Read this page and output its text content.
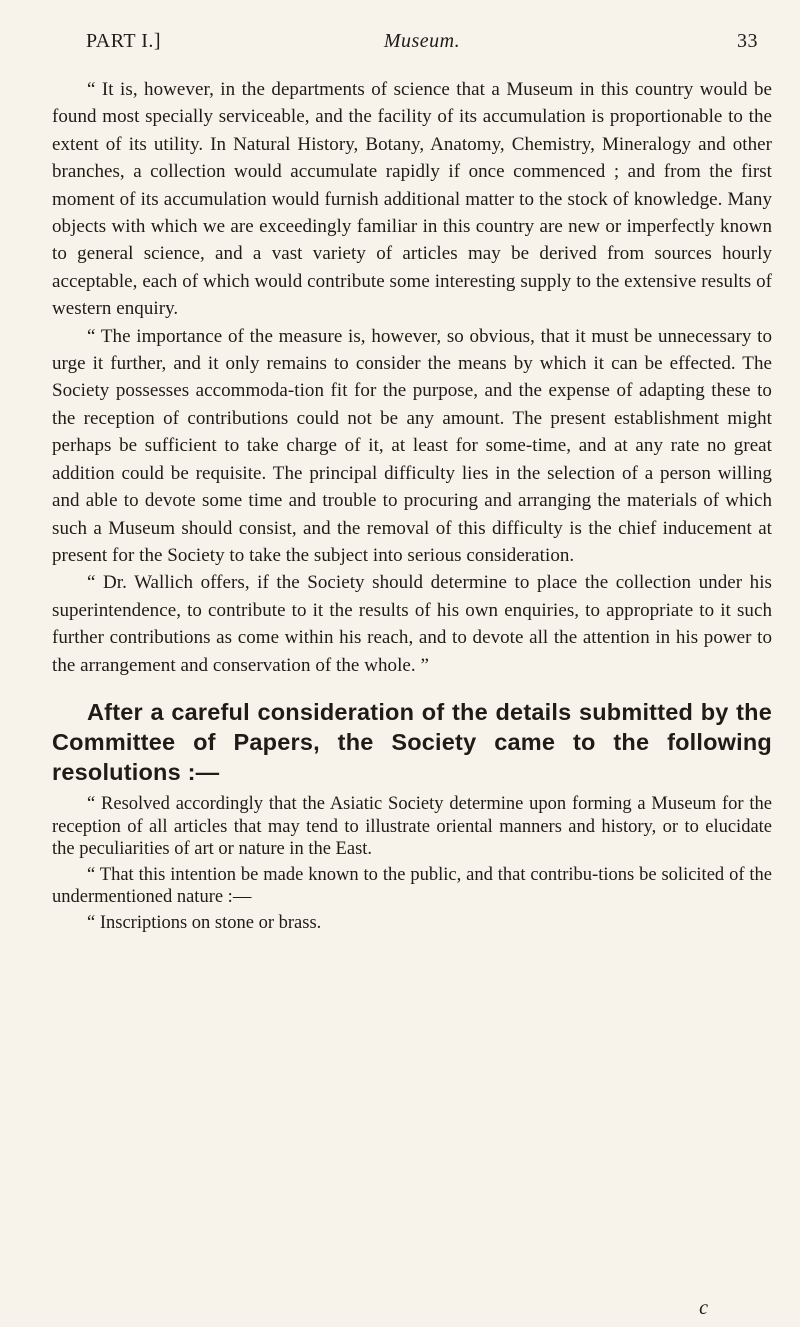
PART I.]	Museum.	33

“ It is, however, in the departments of science that a Museum in this country would be found most specially serviceable, and the facility of its accumulation is proportionable to the extent of its utility. In Natural History, Botany, Anatomy, Chemistry, Mineralogy and other branches, a collection would accumulate rapidly if once commenced ; and from the first moment of its accumulation would furnish additional matter to the stock of knowledge. Many objects with which we are exceedingly familiar in this country are new or imperfectly known to general science, and a vast variety of articles may be derived from sources hourly acceptable, each of which would contribute some interesting supply to the extensive results of western enquiry.

“ The importance of the measure is, however, so obvious, that it must be unnecessary to urge it further, and it only remains to consider the means by which it can be effected. The Society possesses accommoda-tion fit for the purpose, and the expense of adapting these to the reception of contributions could not be any amount. The present establishment might perhaps be sufficient to take charge of it, at least for some-time, and at any rate no great addition could be requisite. The principal difficulty lies in the selection of a person willing and able to devote some time and trouble to procuring and arranging the materials of which such a Museum should consist, and the removal of this difficulty is the chief inducement at present for the Society to take the subject into serious consideration.

“ Dr. Wallich offers, if the Society should determine to place the collection under his superintendence, to contribute to it the results of his own enquiries, to appropriate to it such further contributions as come within his reach, and to devote all the attention in his power to the arrangement and conservation of the whole. ”

After a careful consideration of the details submitted by the Committee of Papers, the Society came to the following resolutions :—

“ Resolved accordingly that the Asiatic Society determine upon forming a Museum for the reception of all articles that may tend to illustrate oriental manners and history, or to elucidate the peculiarities of art or nature in the East.

“ That this intention be made known to the public, and that contribu-tions be solicited of the undermentioned nature :—

“ Inscriptions on stone or brass.

c
